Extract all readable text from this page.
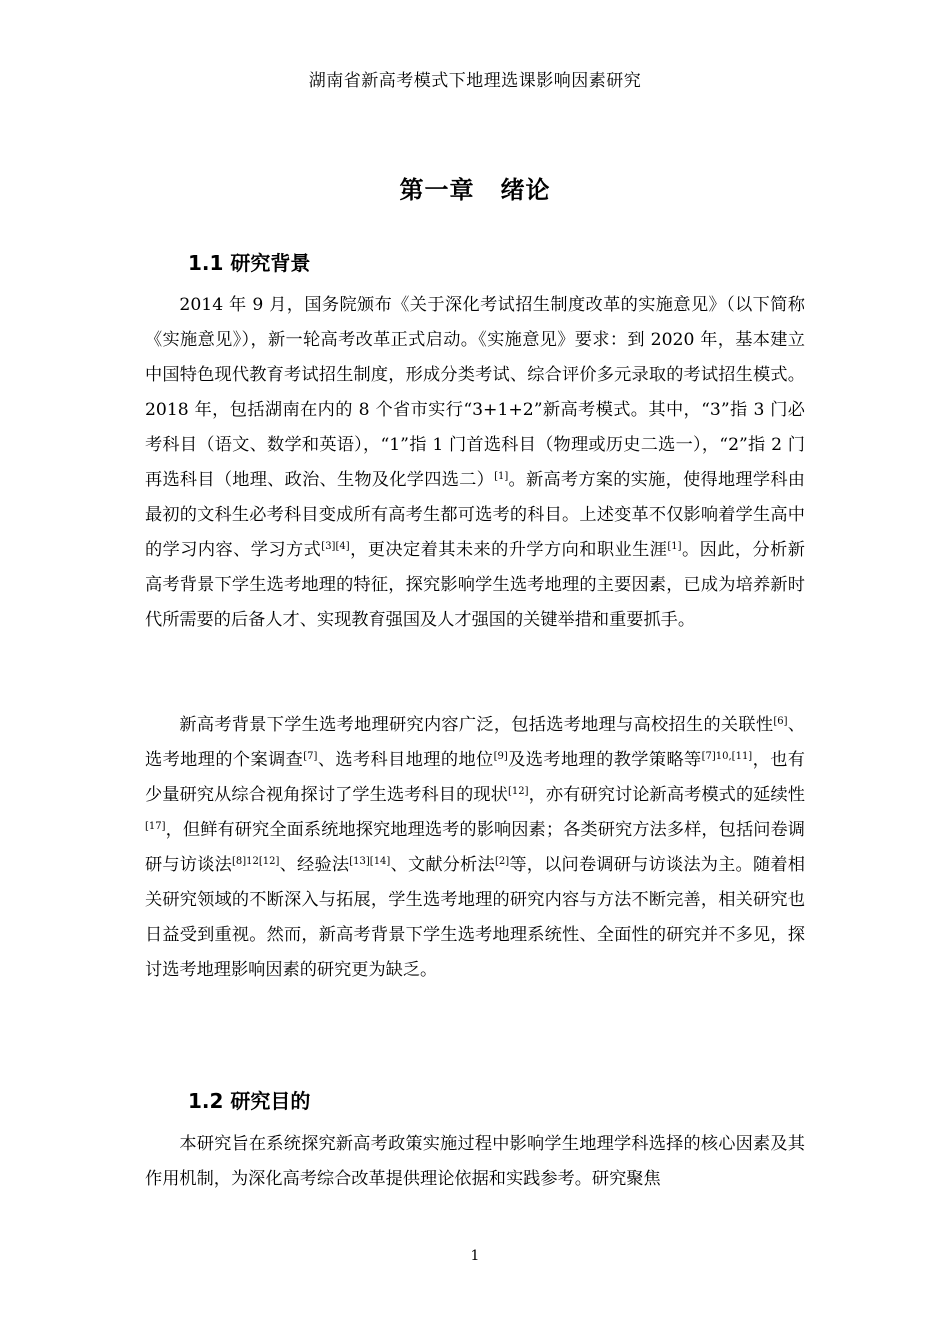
湖南省新高考模式下地理选课影响因素研究
第一章 绪论
1.1 研究背景

2014 年 9 月，国务院颁布《关于深化考试招生制度改革的实施意见》（以下简称《实施意见》），新一轮高考改革正式启动。《实施意见》要求：到 2020 年，基本建立中国特色现代教育考试招生制度，形成分类考试、综合评价多元录取的考试招生模式。2018 年，包括湖南在内的 8 个省市实行“3+1+2”新高考模式。其中，“3”指 3 门必考科目（语文、数学和英语），“1”指 1 门首选科目（物理或历史二选一），“2”指 2 门再选科目（地理、政治、生物及化学四选二）[1]。新高考方案的实施，使得地理学科由最初的文科生必考科目变成所有高考生都可选考的科目。上述变革不仅影响着学生高中的学习内容、学习方式[3][4]，更决定着其未来的升学方向和职业生涯[1]。因此，分析新高考背景下学生选考地理的特征，探究影响学生选考地理的主要因素，已成为培养新时代所需要的后备人才、实现教育强国及人才强国的关键举措和重要抓手。

新高考背景下学生选考地理研究内容广泛，包括选考地理与高校招生的关联性[6]、选考地理的个案调查[7]、选考科目地理的地位[9]及选考地理的教学策略等[7]10,[11]，也有少量研究从综合视角探讨了学生选考科目的现状[12]，亦有研究讨论新高考模式的延续性[17]，但鲜有研究全面系统地探究地理选考的影响因素；各类研究方法多样，包括问卷调研与访谈法[8]12[12]、经验法[13][14]、文献分析法[2]等，以问卷调研与访谈法为主。随着相关研究领域的不断深入与拓展，学生选考地理的研究内容与方法不断完善，相关研究也日益受到重视。然而，新高考背景下学生选考地理系统性、全面性的研究并不多见，探讨选考地理影响因素的研究更为缺乏。

1.2 研究目的

本研究旨在系统探究新高考政策实施过程中影响学生地理学科选择的核心因素及其作用机制，为深化高考综合改革提供理论依据和实践参考。研究聚焦

1
